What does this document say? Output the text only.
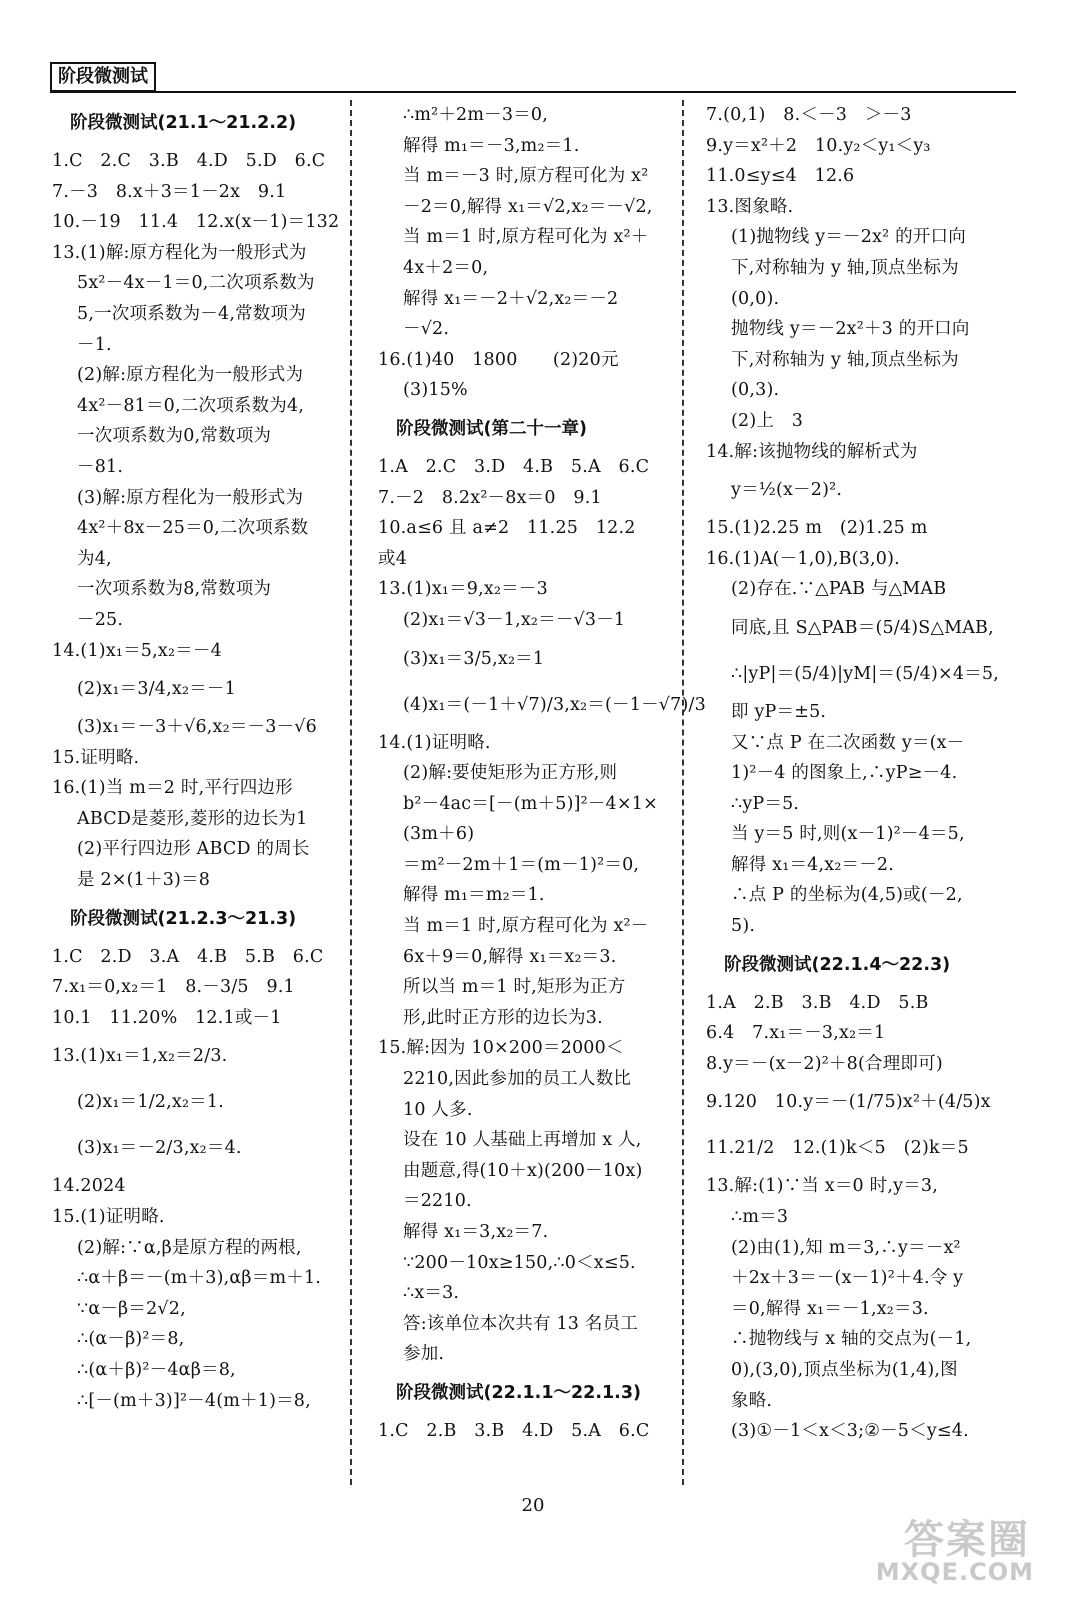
阶段微测试
阶段微测试(21.1～21.2.2)
1.C　2.C　3.B　4.D　5.D　6.C
7.－3　8.x＋3＝1－2x　9.1
10.－19　11.4　12.x(x－1)＝132
13.(1)解:原方程化为一般形式为
5x²－4x－1＝0,二次项系数为
5,一次项系数为－4,常数项为
－1.
(2)解:原方程化为一般形式为
4x²－81＝0,二次项系数为4,
一次项系数为0,常数项为
－81.
(3)解:原方程化为一般形式为
4x²＋8x－25＝0,二次项系数
为4,
一次项系数为8,常数项为
－25.
14.(1)x₁＝5,x₂＝－4
(2)x₁＝3/4,x₂＝－1
(3)x₁＝－3＋√6,x₂＝－3－√6
15.证明略.
16.(1)当 m＝2 时,平行四边形
ABCD是菱形,菱形的边长为1
(2)平行四边形 ABCD 的周长
是 2×(1＋3)＝8
阶段微测试(21.2.3～21.3)
1.C　2.D　3.A　4.B　5.B　6.C
7.x₁＝0,x₂＝1　8.－3/5　9.1
10.1　11.20%　12.1或－1
13.(1)x₁＝1,x₂＝2/3.
(2)x₁＝1/2,x₂＝1.
(3)x₁＝－2/3,x₂＝4.
14.2024
15.(1)证明略.
(2)解:∵α,β是原方程的两根,
∴α＋β＝－(m＋3),αβ＝m＋1.
∵α－β＝2√2,
∴(α－β)²＝8,
∴(α＋β)²－4αβ＝8,
∴[－(m＋3)]²－4(m＋1)＝8,
∴m²＋2m－3＝0,
解得 m₁＝－3,m₂＝1.
当 m＝－3 时,原方程可化为 x²
－2＝0,解得 x₁＝√2,x₂＝－√2,
当 m＝1 时,原方程可化为 x²＋
4x＋2＝0,
解得 x₁＝－2＋√2,x₂＝－2
－√2.
16.(1)40　1800　　(2)20元
(3)15%
阶段微测试(第二十一章)
1.A　2.C　3.D　4.B　5.A　6.C
7.－2　8.2x²－8x＝0　9.1
10.a≤6 且 a≠2　11.25　12.2
或4
13.(1)x₁＝9,x₂＝－3
(2)x₁＝√3－1,x₂＝－√3－1
(3)x₁＝3/5,x₂＝1
(4)x₁＝(－1＋√7)/3,x₂＝(－1－√7)/3
14.(1)证明略.
(2)解:要使矩形为正方形,则
b²－4ac＝[－(m＋5)]²－4×1×
(3m＋6)
＝m²－2m＋1＝(m－1)²＝0,
解得 m₁＝m₂＝1.
当 m＝1 时,原方程可化为 x²－
6x＋9＝0,解得 x₁＝x₂＝3.
所以当 m＝1 时,矩形为正方
形,此时正方形的边长为3.
15.解:因为 10×200＝2000＜
2210,因此参加的员工人数比
10 人多.
设在 10 人基础上再增加 x 人,
由题意,得(10＋x)(200－10x)
＝2210.
解得 x₁＝3,x₂＝7.
∵200－10x≥150,∴0＜x≤5.
∴x＝3.
答:该单位本次共有 13 名员工
参加.
阶段微测试(22.1.1～22.1.3)
1.C　2.B　3.B　4.D　5.A　6.C
7.(0,1)　8.＜－3　＞－3
9.y＝x²＋2　10.y₂＜y₁＜y₃
11.0≤y≤4　12.6
13.图象略.
(1)抛物线 y＝－2x² 的开口向
下,对称轴为 y 轴,顶点坐标为
(0,0).
抛物线 y＝－2x²＋3 的开口向
下,对称轴为 y 轴,顶点坐标为
(0,3).
(2)上　3
14.解:该抛物线的解析式为
y＝½(x－2)².
15.(1)2.25 m　(2)1.25 m
16.(1)A(－1,0),B(3,0).
(2)存在.∵△PAB 与△MAB
同底,且 S△PAB＝(5/4)S△MAB,
∴|yP|＝(5/4)|yM|＝(5/4)×4＝5,
即 yP＝±5.
又∵点 P 在二次函数 y＝(x－
1)²－4 的图象上,∴yP≥－4.
∴yP＝5.
当 y＝5 时,则(x－1)²－4＝5,
解得 x₁＝4,x₂＝－2.
∴点 P 的坐标为(4,5)或(－2,
5).
阶段微测试(22.1.4～22.3)
1.A　2.B　3.B　4.D　5.B
6.4　7.x₁＝－3,x₂＝1
8.y＝－(x－2)²＋8(合理即可)
9.120　10.y＝－(1/75)x²＋(4/5)x
11.21/2　12.(1)k＜5　(2)k＝5
13.解:(1)∵当 x＝0 时,y＝3,
∴m＝3
(2)由(1),知 m＝3,∴y＝－x²
＋2x＋3＝－(x－1)²＋4.令 y
＝0,解得 x₁＝－1,x₂＝3.
∴抛物线与 x 轴的交点为(－1,
0),(3,0),顶点坐标为(1,4),图
象略.
(3)①－1＜x＜3;②－5＜y≤4.
20
答案圈
MXQE.COM
